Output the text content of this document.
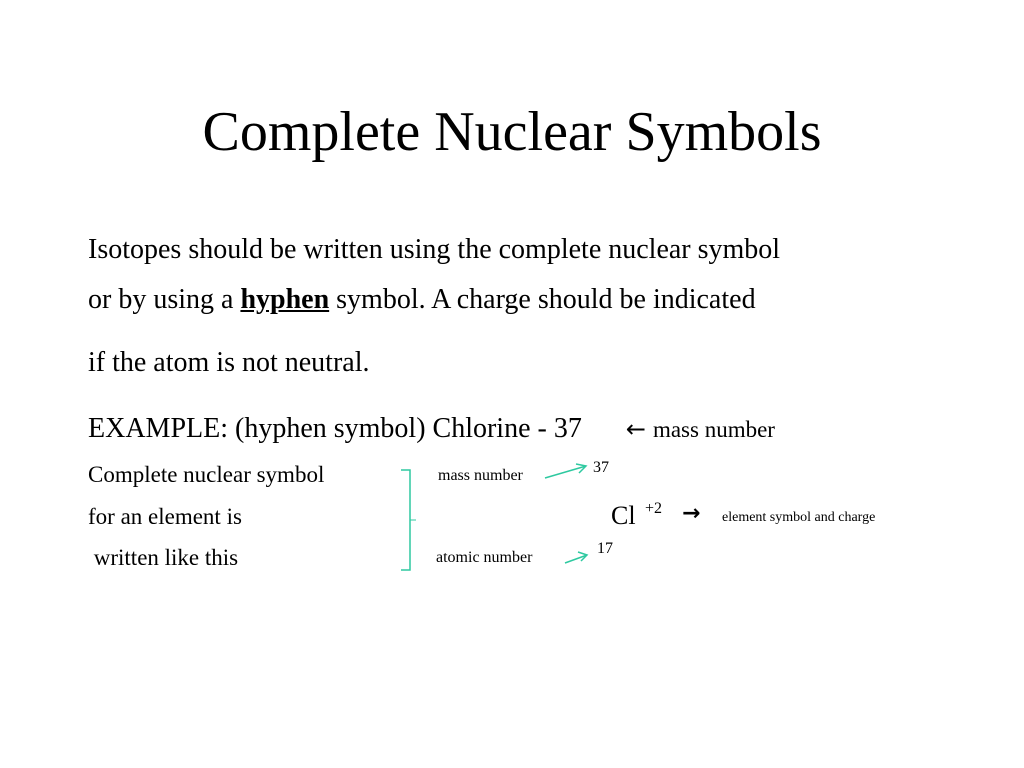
Complete Nuclear Symbols
Isotopes should be written using the complete nuclear symbol
or by using a hyphen symbol. A charge should be indicated
if the atom is not neutral.
EXAMPLE: (hyphen symbol) Chlorine - 37 ← mass number
Complete nuclear symbol
for an element is
written like this
mass number	37
Cl +2 → element symbol and charge
atomic number
17
